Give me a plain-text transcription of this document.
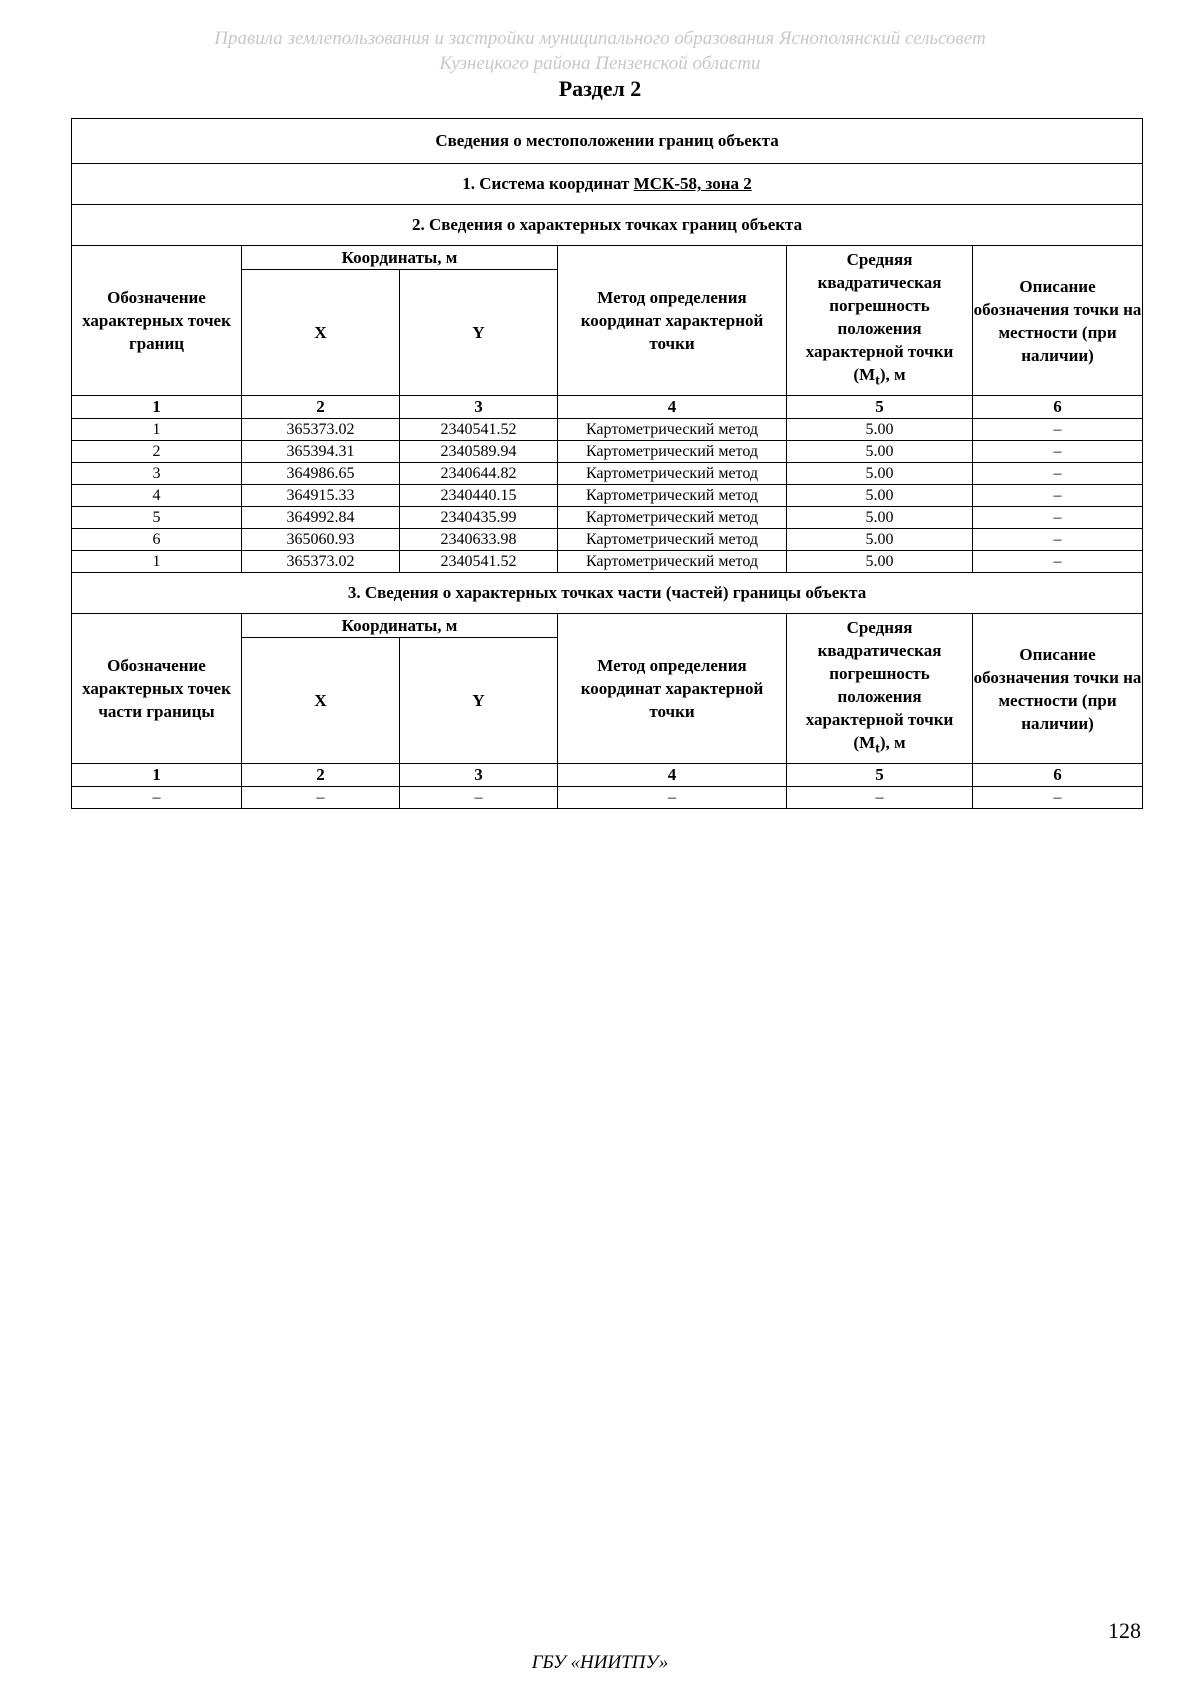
Правила землепользования и застройки муниципального образования Яснополянский сельсовет
Кузнецкого района Пензенской области
Раздел 2
Сведения о местоположении границ объекта					
1. Система координат МСК-58, зона 2					
2. Сведения о характерных точках границ объекта					
Обозначение характерных точек границ	Координаты, м		Метод определения координат характерной точки	Средняя квадратическая погрешность положения характерной точки $(M_t)$, м	Описание обозначения точки на местности (при наличии)
	X	Y			
1	2	3	4	5	6
1	365373.02	2340541.52	Картометрический метод	5.00	–
2	365394.31	2340589.94	Картометрический метод	5.00	–
3	364986.65	2340644.82	Картометрический метод	5.00	–
4	364915.33	2340440.15	Картометрический метод	5.00	–
5	364992.84	2340435.99	Картометрический метод	5.00	–
6	365060.93	2340633.98	Картометрический метод	5.00	–
1	365373.02	2340541.52	Картометрический метод	5.00	–
3. Сведения о характерных точках части (частей) границы объекта					
Обозначение характерных точек части границы	Координаты, м		Метод определения координат характерной точки	Средняя квадратическая погрешность положения характерной точки $(M_t)$, м	Описание обозначения точки на местности (при наличии)
	X	Y			
1	2	3	4	5	6
–	–	–	–	–	–
128
ГБУ «НИИТПУ»
